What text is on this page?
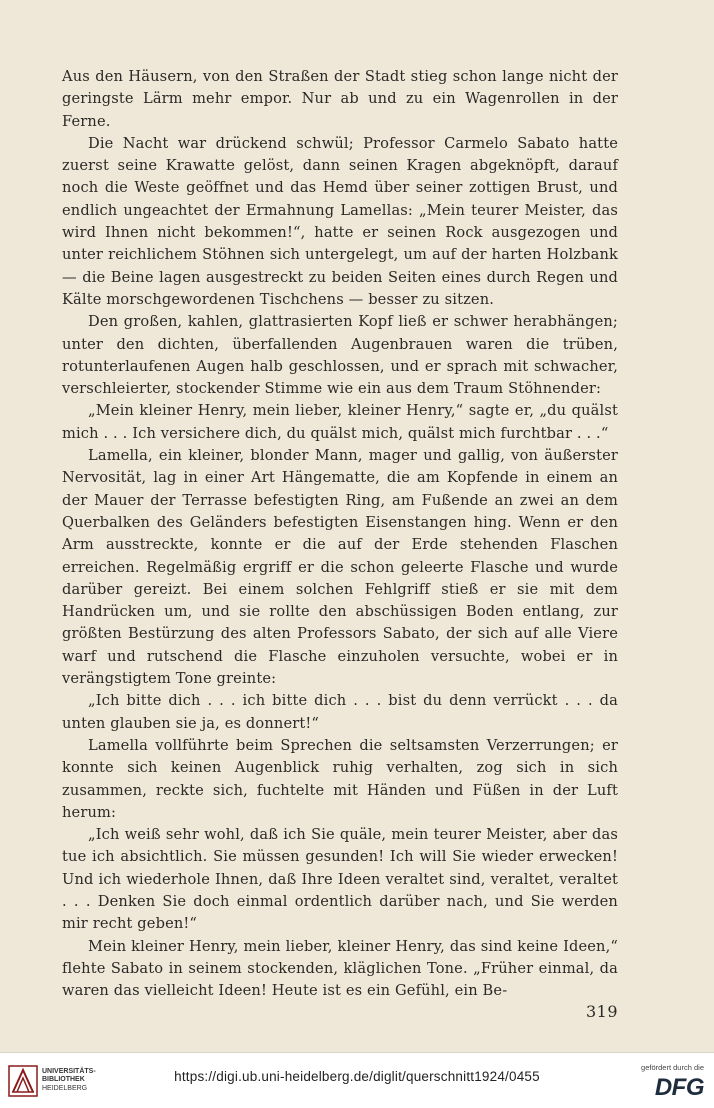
Aus den Häusern, von den Straßen der Stadt stieg schon lange nicht der geringste Lärm mehr empor. Nur ab und zu ein Wagenrollen in der Ferne.

Die Nacht war drückend schwül; Professor Carmelo Sabato hatte zuerst seine Krawatte gelöst, dann seinen Kragen abgeknöpft, darauf noch die Weste geöffnet und das Hemd über seiner zottigen Brust, und endlich ungeachtet der Ermahnung Lamellas: „Mein teurer Meister, das wird Ihnen nicht bekommen!“, hatte er seinen Rock ausgezogen und unter reichlichem Stöhnen sich untergelegt, um auf der harten Holzbank — die Beine lagen ausgestreckt zu beiden Seiten eines durch Regen und Kälte morschgewordenen Tischchens — besser zu sitzen.

Den großen, kahlen, glattrasierten Kopf ließ er schwer herabhängen; unter den dichten, überfallenden Augenbrauen waren die trüben, rotunterlaufenen Augen halb geschlossen, und er sprach mit schwacher, verschleierter, stockender Stimme wie ein aus dem Traum Stöhnender:

„Mein kleiner Henry, mein lieber, kleiner Henry,“ sagte er, „du quälst mich . . . Ich versichere dich, du quälst mich, quälst mich furchtbar . . .“

Lamella, ein kleiner, blonder Mann, mager und gallig, von äußerster Nervosität, lag in einer Art Hängematte, die am Kopfende in einem an der Mauer der Terrasse befestigten Ring, am Fußende an zwei an dem Querbalken des Geländers befestigten Eisenstangen hing. Wenn er den Arm ausstreckte, konnte er die auf der Erde stehenden Flaschen erreichen. Regelmäßig ergriff er die schon geleerte Flasche und wurde darüber gereizt. Bei einem solchen Fehlgriff stieß er sie mit dem Handrücken um, und sie rollte den abschüssigen Boden entlang, zur größten Bestürzung des alten Professors Sabato, der sich auf alle Viere warf und rutschend die Flasche einzuholen versuchte, wobei er in verängstigtem Tone greinte:

„Ich bitte dich . . . ich bitte dich . . . bist du denn verrückt . . . da unten glauben sie ja, es donnert!“

Lamella vollführte beim Sprechen die seltsamsten Verzerrungen; er konnte sich keinen Augenblick ruhig verhalten, zog sich in sich zusammen, reckte sich, fuchtelte mit Händen und Füßen in der Luft herum:

„Ich weiß sehr wohl, daß ich Sie quäle, mein teurer Meister, aber das tue ich absichtlich. Sie müssen gesunden! Ich will Sie wieder erwecken! Und ich wiederhole Ihnen, daß Ihre Ideen veraltet sind, veraltet, veraltet . . . Denken Sie doch einmal ordentlich darüber nach, und Sie werden mir recht geben!“

Mein kleiner Henry, mein lieber, kleiner Henry, das sind keine Ideen,“ flehte Sabato in seinem stockenden, kläglichen Tone. „Früher einmal, da waren das vielleicht Ideen! Heute ist es ein Gefühl, ein Be-

319
UNIVERSITÄTS-
BIBLIOTHEK
HEIDELBERG
https://digi.ub.uni-heidelberg.de/diglit/querschnitt1924/0455
gefördert durch die
DFG
